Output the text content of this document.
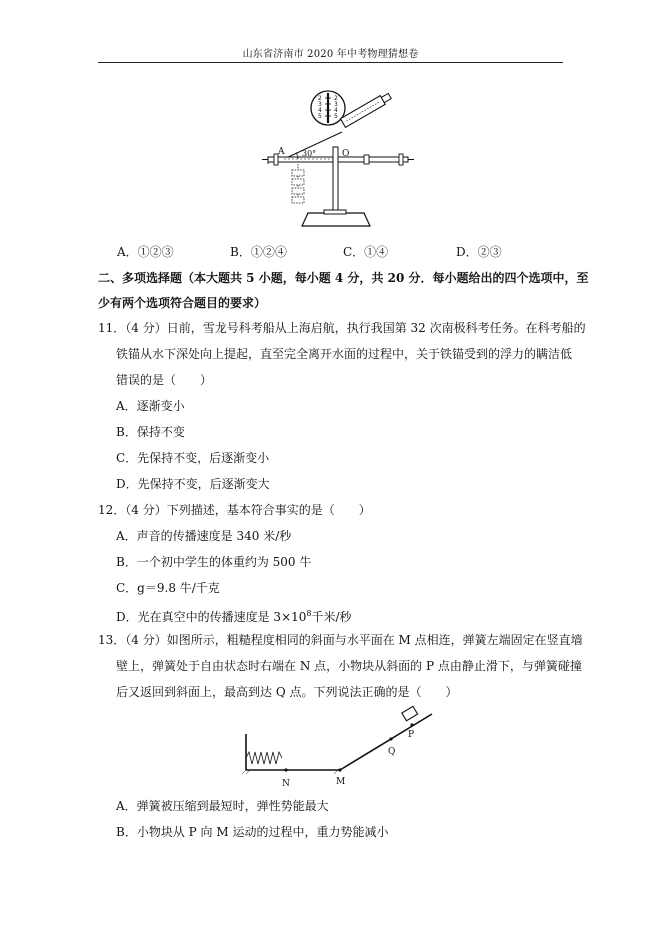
山东省济南市 2020 年中考物理猜想卷
2
3
4
5
2
3
4
5
30°
A	O
A．①②③	B．①②④	C．①④	D．②③
二、多项选择题（本大题共 5 小题，每小题 4 分，共 20 分．每小题给出的四个选项中，至
少有两个选项符合题目的要求）
11．（4 分）日前，雪龙号科考船从上海启航，执行我国第 32 次南极科考任务。在科考船的
铁锚从水下深处向上提起，直至完全离开水面的过程中，关于铁锚受到的浮力的瞒洁低
错误的是（　　）
A．逐渐变小
B．保持不变
C．先保持不变，后逐渐变小
D．先保持不变，后逐渐变大
12．（4 分）下列描述，基本符合事实的是（　　）
A．声音的传播速度是 340 米/秒
B．一个初中学生的体重约为 500 牛
C．g＝9.8 牛/千克
D．光在真空中的传播速度是 $3\times 10^8$千米/秒
13．（4 分）如图所示，粗糙程度相同的斜面与水平面在 M 点相连，弹簧左端固定在竖直墙
壁上，弹簧处于自由状态时右端在 N 点，小物块从斜面的 P 点由静止滑下，与弹簧碰撞
后又返回到斜面上，最高到达 Q 点。下列说法正确的是（　　）
N	M
Q
P
A．弹簧被压缩到最短时，弹性势能最大
B．小物块从 P 向 M 运动的过程中，重力势能减小
